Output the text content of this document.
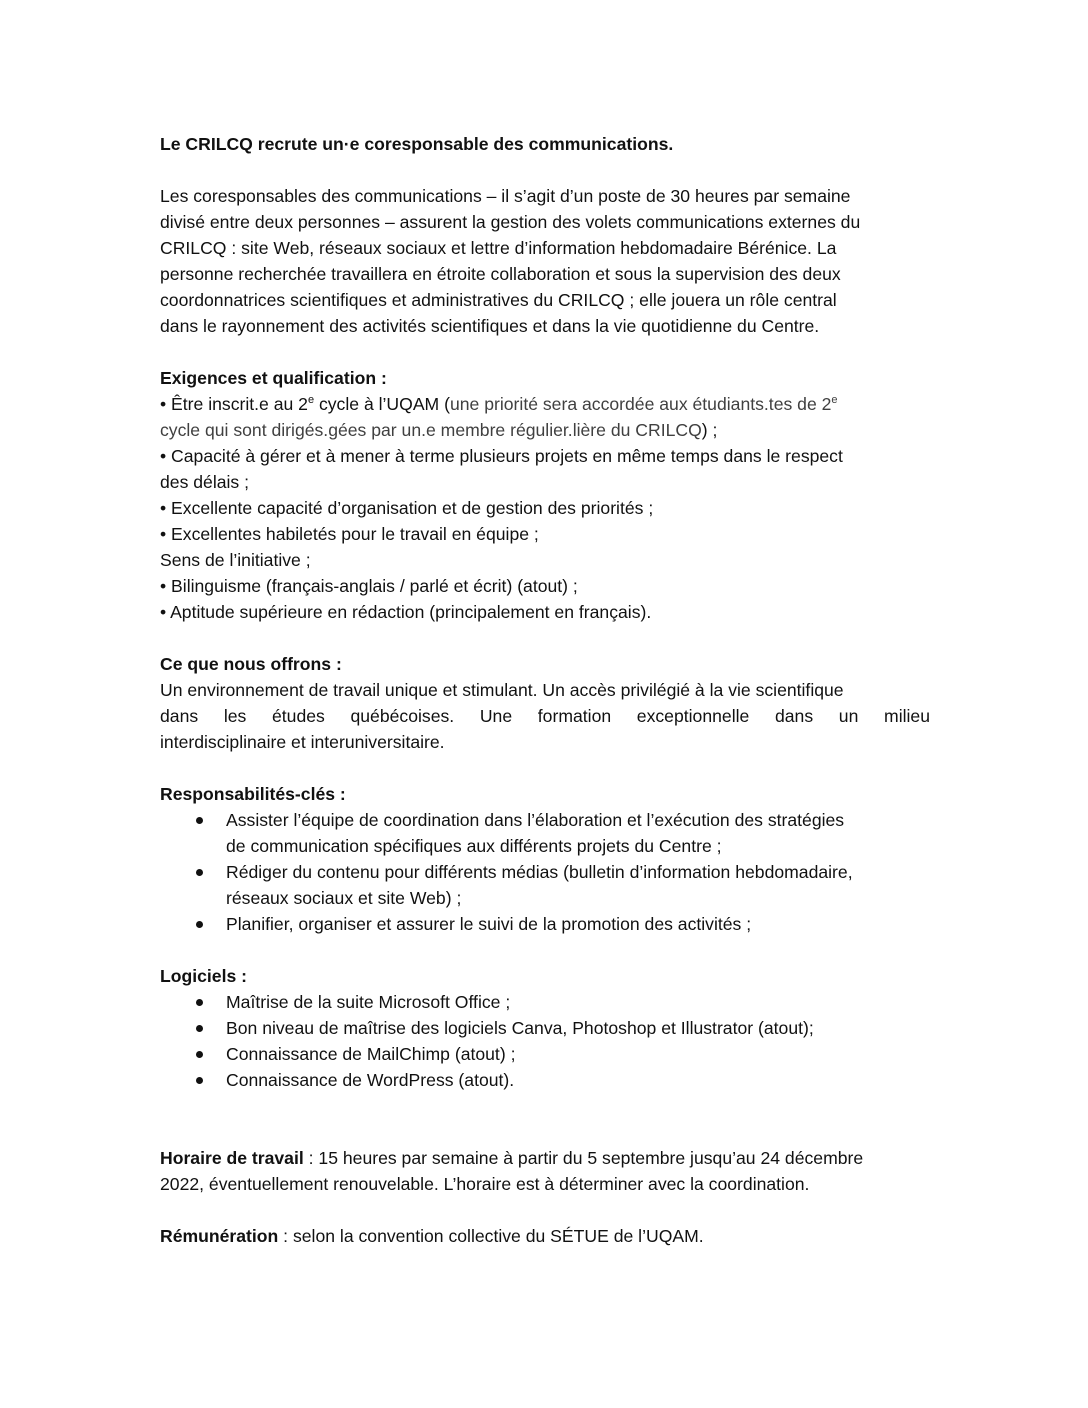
Le CRILCQ recrute un·e coresponsable des communications.

Les coresponsables des communications – il s’agit d’un poste de 30 heures par semaine
divisé entre deux personnes – assurent la gestion des volets communications externes du
CRILCQ : site Web, réseaux sociaux et lettre d’information hebdomadaire Bérénice. La
personne recherchée travaillera en étroite collaboration et sous la supervision des deux
coordonnatrices scientifiques et administratives du CRILCQ ; elle jouera un rôle central
dans le rayonnement des activités scientifiques et dans la vie quotidienne du Centre.

Exigences et qualification :

• Être inscrit.e au 2e cycle à l’UQAM (une priorité sera accordée aux étudiants.tes de 2e
cycle qui sont dirigés.gées par un.e membre régulier.lière du CRILCQ) ;

• Capacité à gérer et à mener à terme plusieurs projets en même temps dans le respect
des délais ;

• Excellente capacité d’organisation et de gestion des priorités ;

• Excellentes habiletés pour le travail en équipe ;

Sens de l’initiative ;

• Bilinguisme (français-anglais / parlé et écrit) (atout) ;

• Aptitude supérieure en rédaction (principalement en français).

Ce que nous offrons :

Un environnement de travail unique et stimulant. Un accès privilégié à la vie scientifique
dans les études québécoises. Une formation exceptionnelle dans un milieu
interdisciplinaire et interuniversitaire.

Responsabilités-clés :

Assister l’équipe de coordination dans l’élaboration et l’exécution des stratégies
de communication spécifiques aux différents projets du Centre ;
Rédiger du contenu pour différents médias (bulletin d’information hebdomadaire,
réseaux sociaux et site Web) ;
Planifier, organiser et assurer le suivi de la promotion des activités ;

Logiciels :

Maîtrise de la suite Microsoft Office ;
Bon niveau de maîtrise des logiciels Canva, Photoshop et Illustrator (atout);
Connaissance de MailChimp (atout) ;
Connaissance de WordPress (atout).

Horaire de travail : 15 heures par semaine à partir du 5 septembre jusqu’au 24 décembre
2022, éventuellement renouvelable. L’horaire est à déterminer avec la coordination.

Rémunération : selon la convention collective du SÉTUE de l’UQAM.
